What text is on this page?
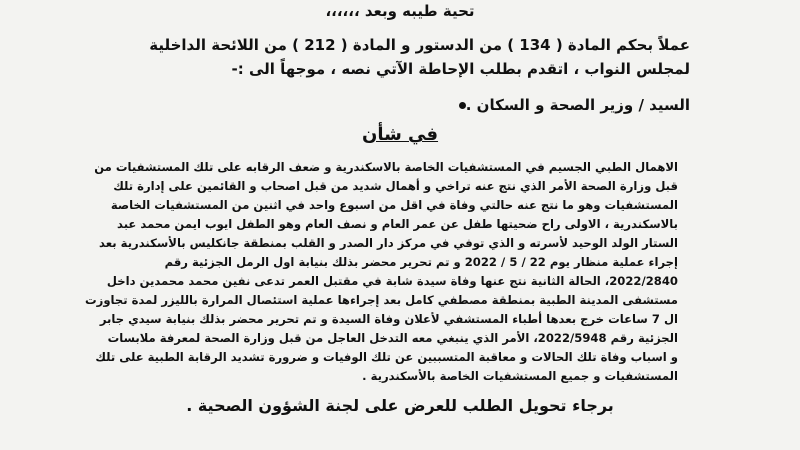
تحية طيبه وبعد ،،،،،،
عملاً بحكم المادة ( 134 ) من الدستور و المادة ( 212 ) من اللائحة الداخلية
لمجلس النواب ، اتقدم بطلب الإحاطة الآتي نصه ، موجهاً الى :-
السيد / وزير الصحة و السكان .
في شأن
الاهمال الطبي الجسيم في المستشفيات الخاصة بالاسكندرية و ضعف الرقابه على تلك المستشفيات من
قبل وزارة الصحة الأمر الذي نتج عنه تراخي و أهمال شديد من قبل اصحاب و القائمين على إدارة تلك
المستشفيات وهو ما نتج عنه حالتي وفاة في اقل من اسبوع واحد في اثنين من المستشفيات الخاصة
بالاسكندرية ، الاولى راح ضحيتها طفل عن عمر العام و نصف العام وهو الطفل ايوب ايمن محمد عبد
الستار الولد الوحيد لأسرته و الذي توفي في مركز دار الصدر و القلب بمنطقة جانكليس بالأسكندرية بعد
إجراء عملية منظار يوم 22 / 5 / 2022 و تم تحرير محضر بذلك بنيابة اول الرمل الجزئية رقم
2022/2840، الحالة الثانية نتج عنها وفاة سيدة شابة في مقتبل العمر تدعى نفين محمد محمدين داخل
مستشفى المدينة الطبية بمنطقة مصطفي كامل بعد إجراءها عملية استئصال المرارة بالليزر لمدة تجاوزت
ال 7 ساعات خرج بعدها أطباء المستشفي لأعلان وفاة السيدة و تم تحرير محضر بذلك بنيابة سيدي جابر
الجزئية رقم 2022/5948، الأمر الذي ينبغي معه التدخل العاجل من قبل وزارة الصحة لمعرفة ملابسات
و اسباب وفاة تلك الحالات و معاقبة المتسببين عن تلك الوفيات و ضرورة تشديد الرقابة الطبية على تلك
المستشفيات و جميع المستشفيات الخاصة بالأسكندرية .
برجاء تحويل الطلب للعرض على لجنة الشؤون الصحية .
